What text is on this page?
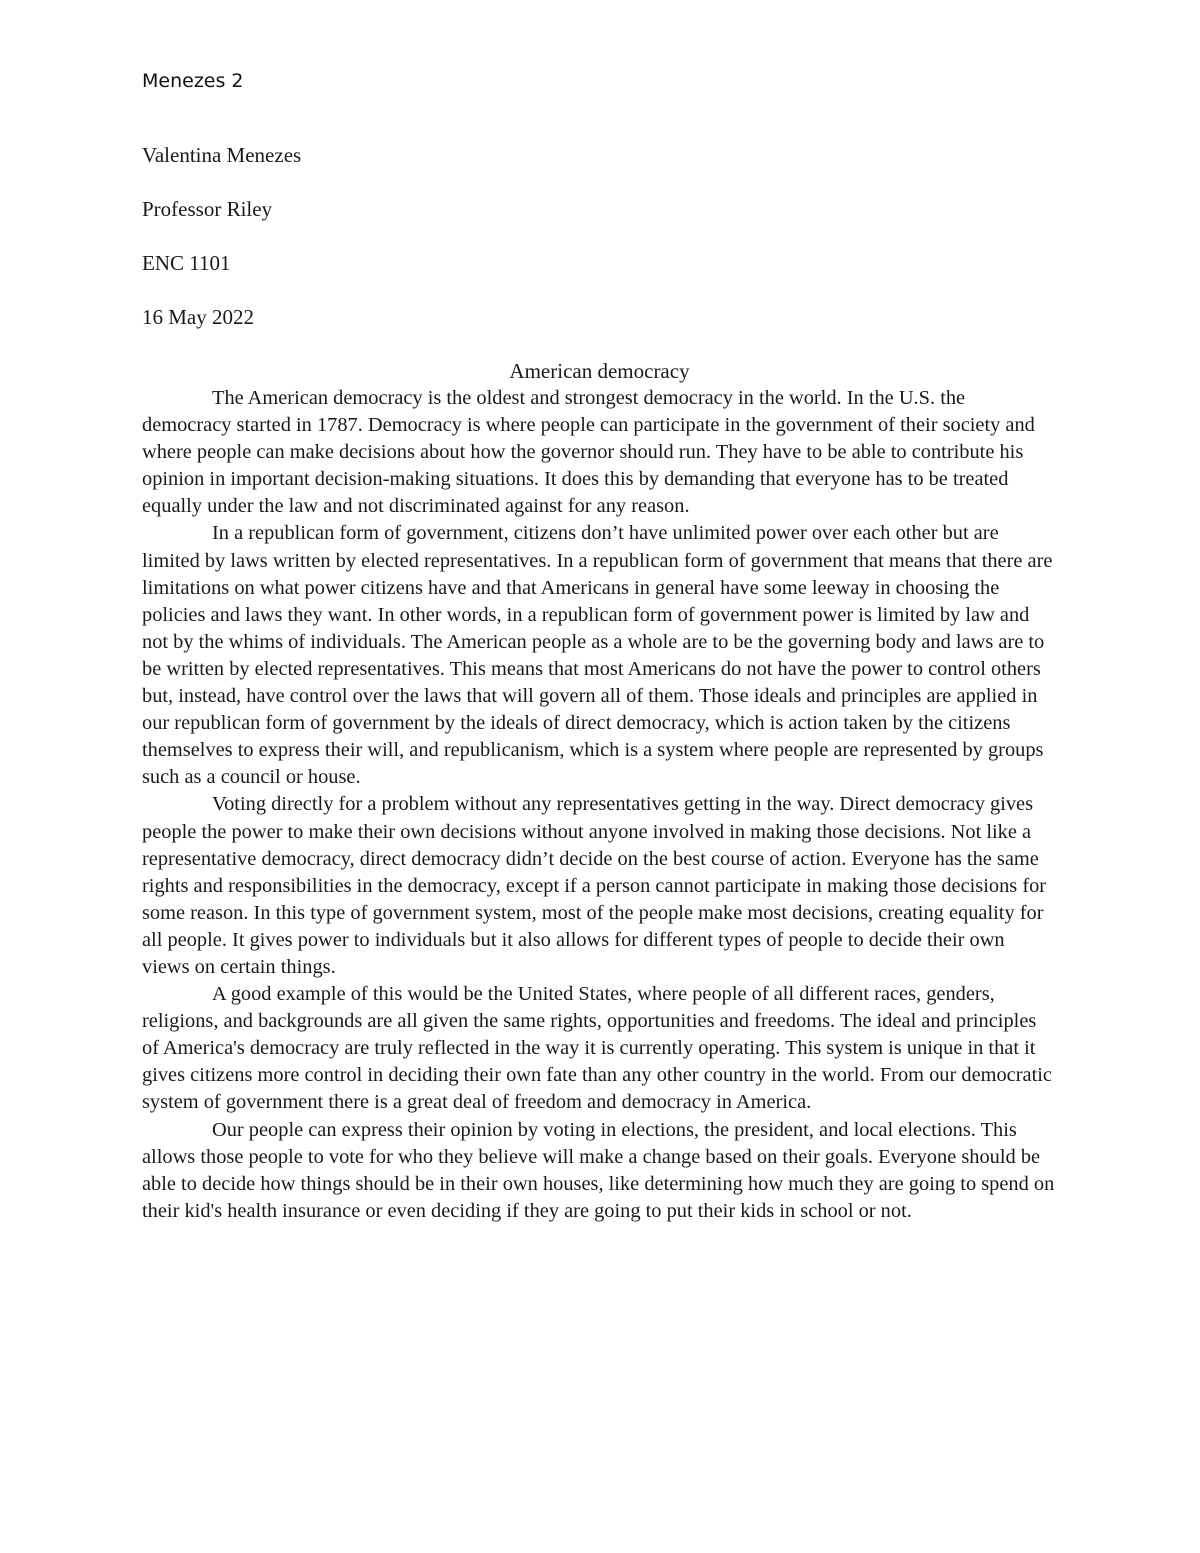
Menezes 2
Valentina Menezes
Professor Riley
ENC 1101
16 May 2022
American democracy

The American democracy is the oldest and strongest democracy in the world. In the U.S. the democracy started in 1787. Democracy is where people can participate in the government of their society and where people can make decisions about how the governor should run. They have to be able to contribute his opinion in important decision-making situations. It does this by demanding that everyone has to be treated equally under the law and not discriminated against for any reason.

In a republican form of government, citizens don’t have unlimited power over each other but are limited by laws written by elected representatives. In a republican form of government that means that there are limitations on what power citizens have and that Americans in general have some leeway in choosing the policies and laws they want. In other words, in a republican form of government power is limited by law and not by the whims of individuals. The American people as a whole are to be the governing body and laws are to be written by elected representatives. This means that most Americans do not have the power to control others but, instead, have control over the laws that will govern all of them. Those ideals and principles are applied in our republican form of government by the ideals of direct democracy, which is action taken by the citizens themselves to express their will, and republicanism, which is a system where people are represented by groups such as a council or house.

Voting directly for a problem without any representatives getting in the way. Direct democracy gives people the power to make their own decisions without anyone involved in making those decisions. Not like a representative democracy, direct democracy didn’t decide on the best course of action. Everyone has the same rights and responsibilities in the democracy, except if a person cannot participate in making those decisions for some reason. In this type of government system, most of the people make most decisions, creating equality for all people. It gives power to individuals but it also allows for different types of people to decide their own views on certain things.

A good example of this would be the United States, where people of all different races, genders, religions, and backgrounds are all given the same rights, opportunities and freedoms. The ideal and principles of America's democracy are truly reflected in the way it is currently operating. This system is unique in that it gives citizens more control in deciding their own fate than any other country in the world. From our democratic system of government there is a great deal of freedom and democracy in America.

Our people can express their opinion by voting in elections, the president, and local elections. This allows those people to vote for who they believe will make a change based on their goals. Everyone should be able to decide how things should be in their own houses, like determining how much they are going to spend on their kid's health insurance or even deciding if they are going to put their kids in school or not.
